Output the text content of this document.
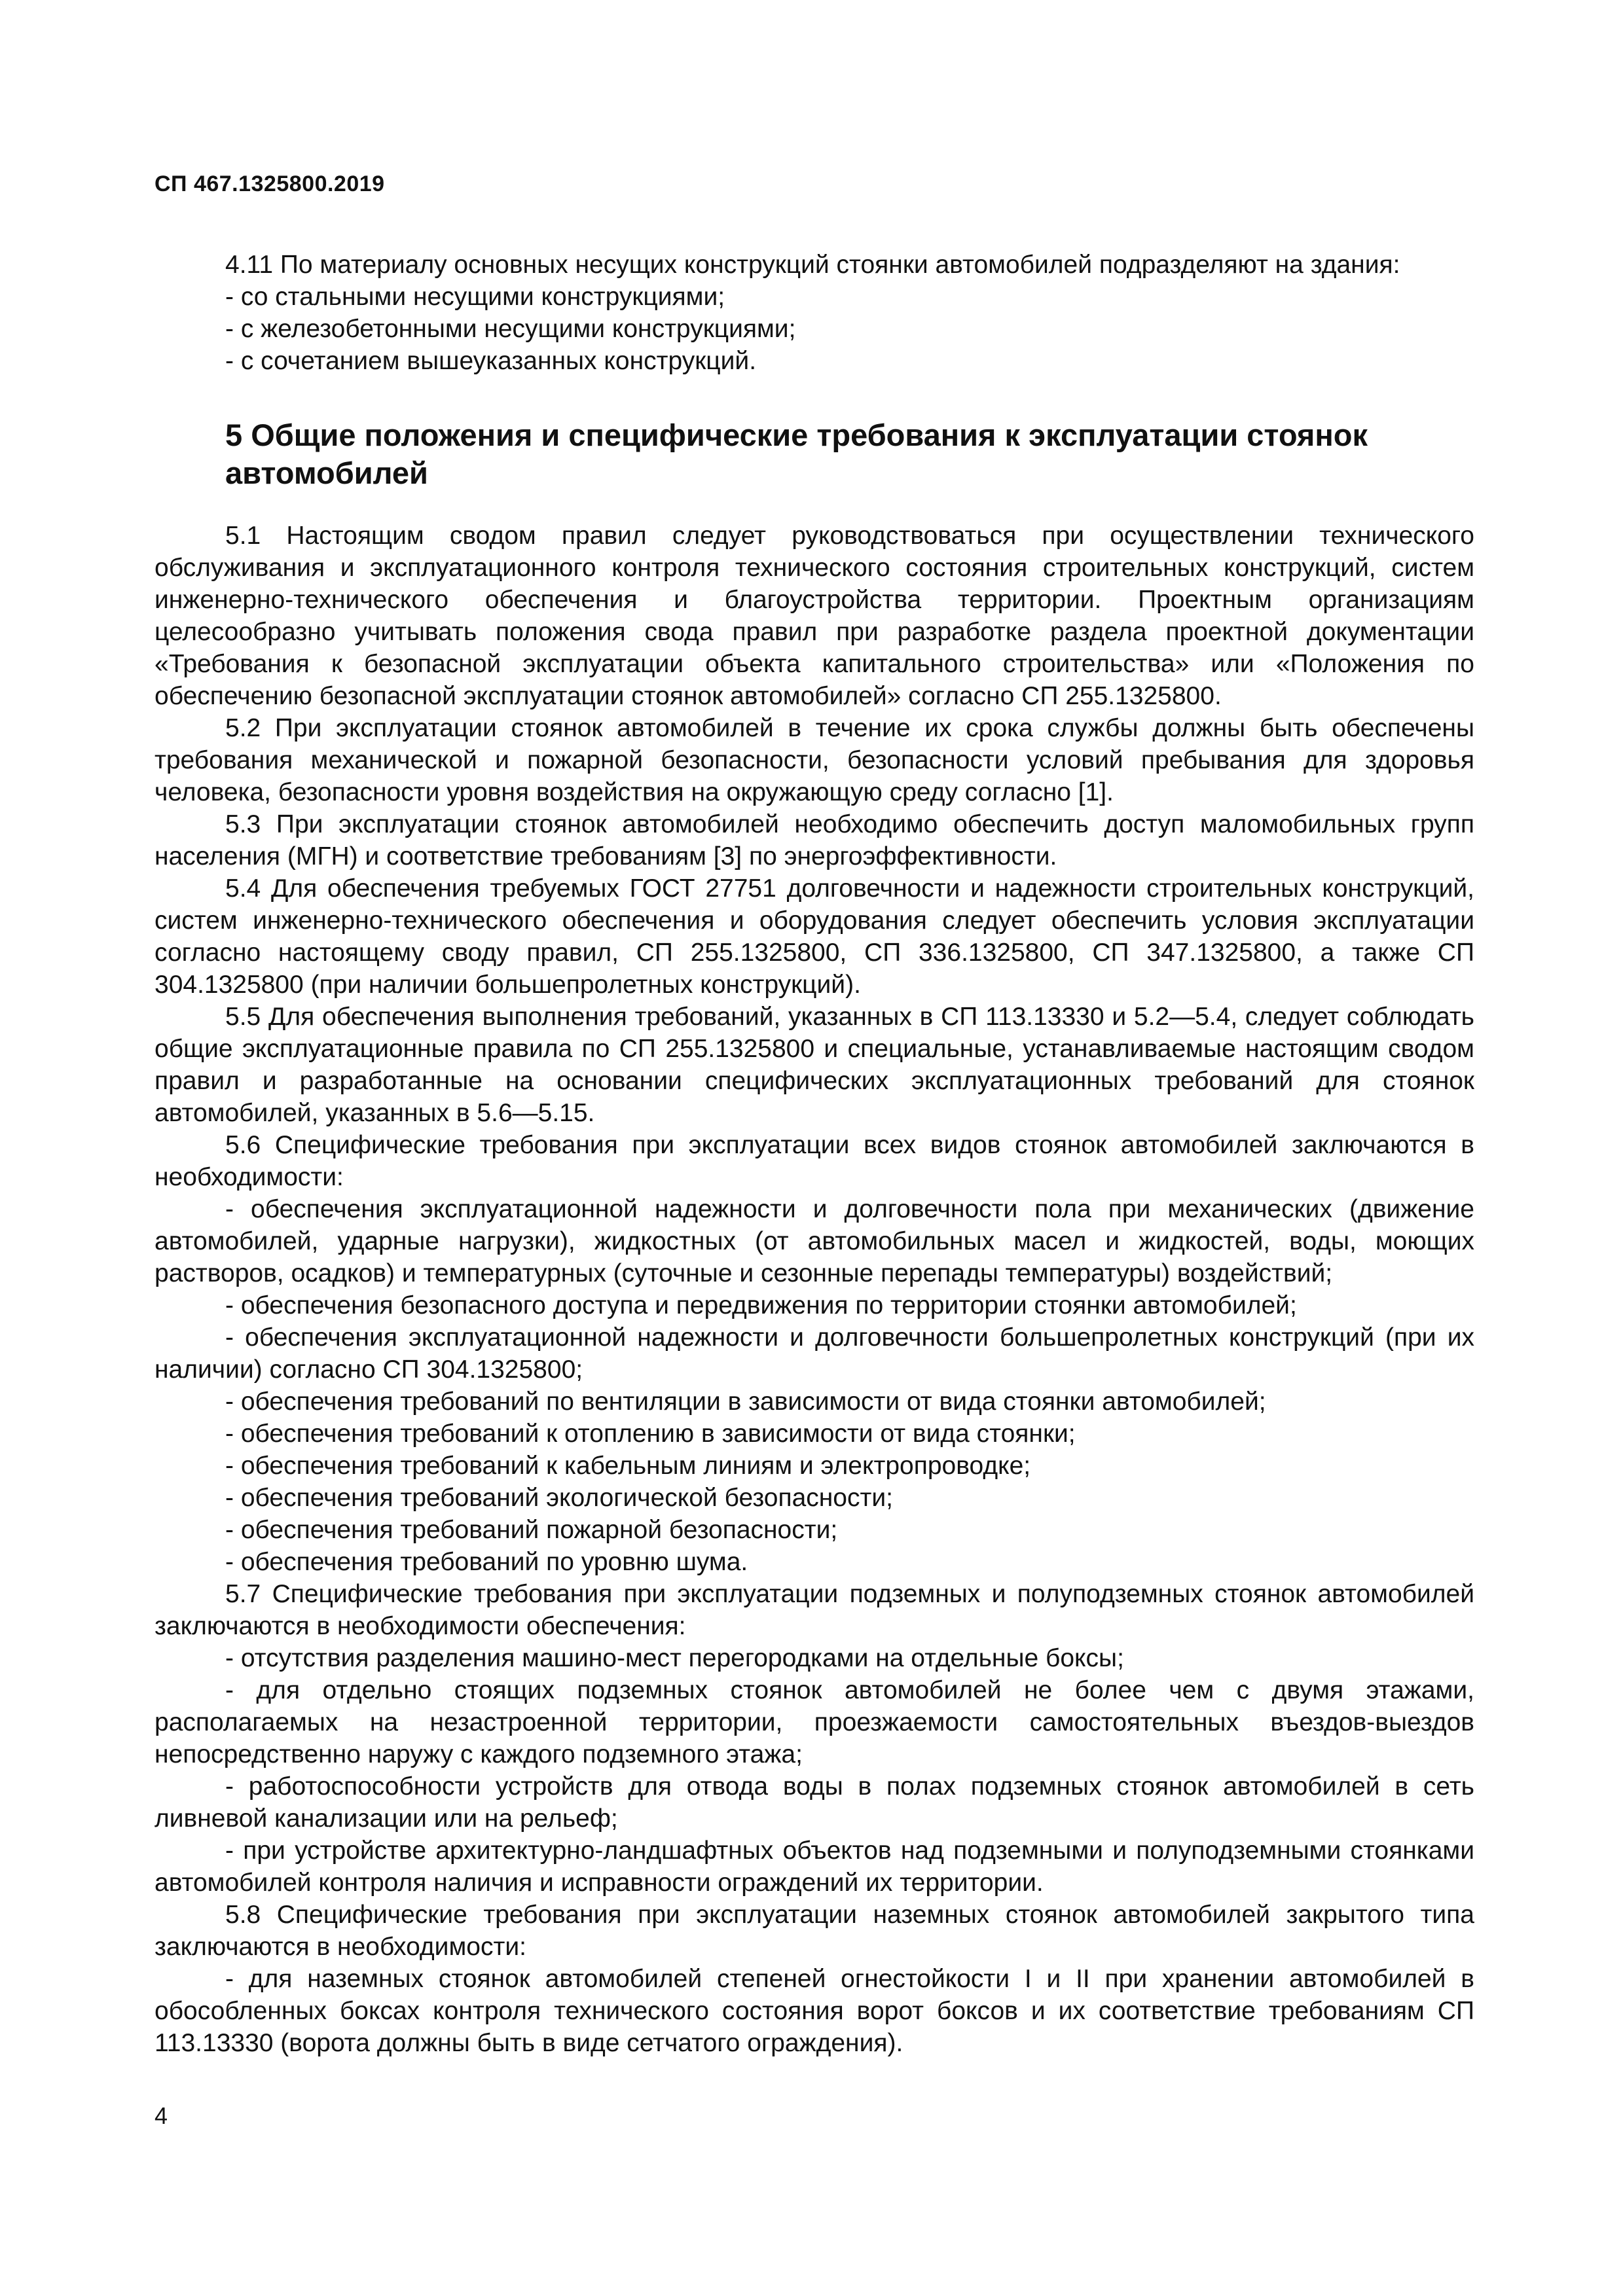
СП 467.1325800.2019

4.11 По материалу основных несущих конструкций стоянки автомобилей подразделяют на здания:

- со стальными несущими конструкциями;

- с железобетонными несущими конструкциями;

- с сочетанием вышеуказанных конструкций.

5 Общие положения и специфические требования к эксплуатации стоянок автомобилей

5.1 Настоящим сводом правил следует руководствоваться при осуществлении технического обслуживания и эксплуатационного контроля технического состояния строительных конструкций, систем инженерно-технического обеспечения и благоустройства территории. Проектным организациям целесообразно учитывать положения свода правил при разработке раздела проектной документации «Требования к безопасной эксплуатации объекта капитального строительства» или «Положения по обеспечению безопасной эксплуатации стоянок автомобилей» согласно СП 255.1325800.

5.2 При эксплуатации стоянок автомобилей в течение их срока службы должны быть обеспечены требования механической и пожарной безопасности, безопасности условий пребывания для здоровья человека, безопасности уровня воздействия на окружающую среду согласно [1].

5.3 При эксплуатации стоянок автомобилей необходимо обеспечить доступ маломобильных групп населения (МГН) и соответствие требованиям [3] по энергоэффективности.

5.4 Для обеспечения требуемых ГОСТ 27751 долговечности и надежности строительных конструкций, систем инженерно-технического обеспечения и оборудования следует обеспечить условия эксплуатации согласно настоящему своду правил, СП 255.1325800, СП 336.1325800, СП 347.1325800, а также СП 304.1325800 (при наличии большепролетных конструкций).

5.5 Для обеспечения выполнения требований, указанных в СП 113.13330 и 5.2—5.4, следует соблюдать общие эксплуатационные правила по СП 255.1325800 и специальные, устанавливаемые настоящим сводом правил и разработанные на основании специфических эксплуатационных требований для стоянок автомобилей, указанных в 5.6—5.15.

5.6 Специфические требования при эксплуатации всех видов стоянок автомобилей заключаются в необходимости:

- обеспечения эксплуатационной надежности и долговечности пола при механических (движение автомобилей, ударные нагрузки), жидкостных (от автомобильных масел и жидкостей, воды, моющих растворов, осадков) и температурных (суточные и сезонные перепады температуры) воздействий;

- обеспечения безопасного доступа и передвижения по территории стоянки автомобилей;

- обеспечения эксплуатационной надежности и долговечности большепролетных конструкций (при их наличии) согласно СП 304.1325800;

- обеспечения требований по вентиляции в зависимости от вида стоянки автомобилей;

- обеспечения требований к отоплению в зависимости от вида стоянки;

- обеспечения требований к кабельным линиям и электропроводке;

- обеспечения требований экологической безопасности;

- обеспечения требований пожарной безопасности;

- обеспечения требований по уровню шума.

5.7 Специфические требования при эксплуатации подземных и полуподземных стоянок автомобилей заключаются в необходимости обеспечения:

- отсутствия разделения машино-мест перегородками на отдельные боксы;

- для отдельно стоящих подземных стоянок автомобилей не более чем с двумя этажами, располагаемых на незастроенной территории, проезжаемости самостоятельных въездов-выездов непосредственно наружу с каждого подземного этажа;

- работоспособности устройств для отвода воды в полах подземных стоянок автомобилей в сеть ливневой канализации или на рельеф;

- при устройстве архитектурно-ландшафтных объектов над подземными и полуподземными стоянками автомобилей контроля наличия и исправности ограждений их территории.

5.8 Специфические требования при эксплуатации наземных стоянок автомобилей закрытого типа заключаются в необходимости:

- для наземных стоянок автомобилей степеней огнестойкости I и II при хранении автомобилей в обособленных боксах контроля технического состояния ворот боксов и их соответствие требованиям СП 113.13330 (ворота должны быть в виде сетчатого ограждения).

4
